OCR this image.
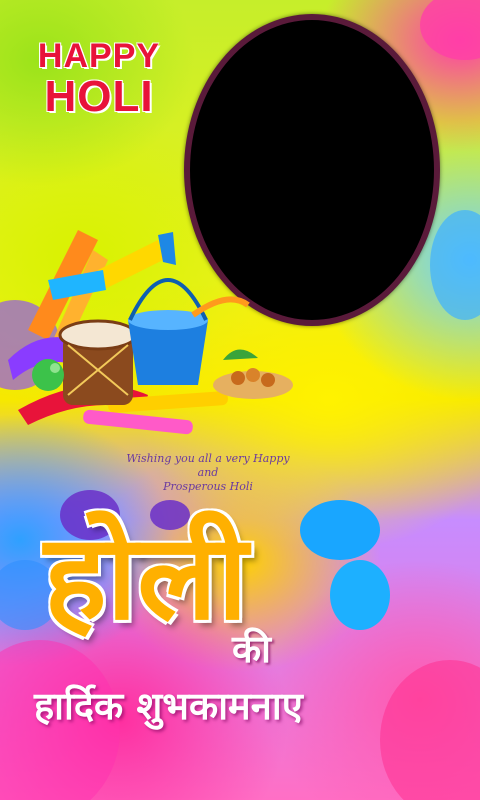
HAPPY
HOLI
Wishing you all a very Happy and
Prosperous Holi
होली
की
हार्दिक शुभकामनाए
